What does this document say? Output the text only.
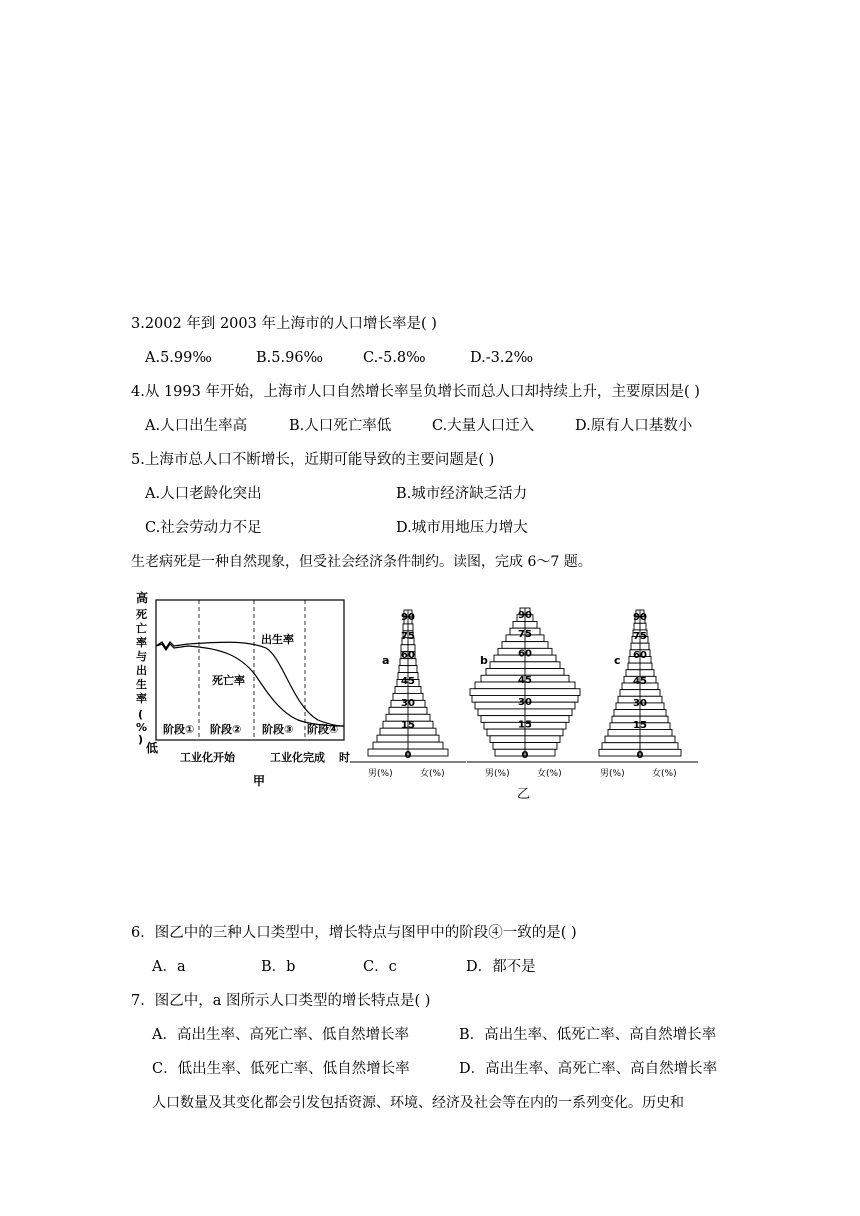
3.2002 年到 2003 年上海市的人口增长率是( )
A.5.99‰	B.5.96‰	C.-5.8‰	D.-3.2‰
4.从 1993 年开始，上海市人口自然增长率呈负增长而总人口却持续上升，主要原因是( )
A.人口出生率高	B.人口死亡率低	C.大量人口迁入	D.原有人口基数小
5.上海市总人口不断增长，近期可能导致的主要问题是( )
A.人口老龄化突出	B.城市经济缺乏活力
C.社会劳动力不足	D.城市用地压力增大
生老病死是一种自然现象，但受社会经济条件制约。读图，完成 6～7 题。
高
死
亡
率
与
出
生
率
(
%
)
低
出生率
死亡率
阶段① 阶段② 阶段③ 阶段④
工业化开始	工业化完成 时
甲
90
75
60
45
30
15
0
a
男(%)	女(%)
90
75
60
45
30
15
0
b
男(%)	女(%)
90
75
60
45
30
15
0
c
男(%)	女(%)
乙
6．图乙中的三种人口类型中，增长特点与图甲中的阶段④一致的是( )
A．a	B．b	C．c	D．都不是
7．图乙中，a 图所示人口类型的增长特点是( )
A．高出生率、高死亡率、低自然增长率	B．高出生率、低死亡率、高自然增长率
C．低出生率、低死亡率、低自然增长率	D．高出生率、高死亡率、高自然增长率
人口数量及其变化都会引发包括资源、环境、经济及社会等在内的一系列变化。历史和
